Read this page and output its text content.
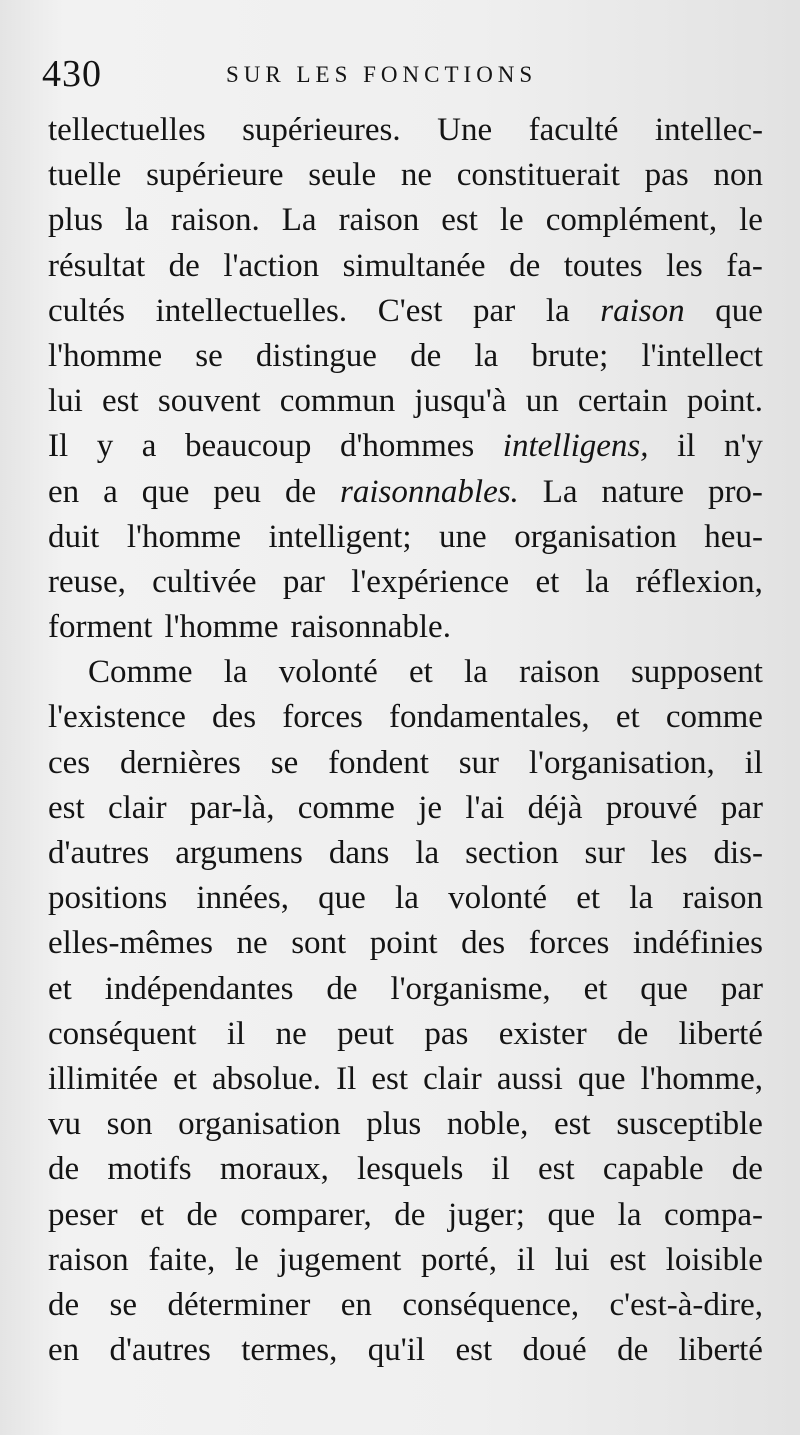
430	SUR LES FONCTIONS
tellectuelles supérieures. Une faculté intellec-
tuelle supérieure seule ne constituerait pas non
plus la raison. La raison est le complément, le
résultat de l'action simultanée de toutes les fa-
cultés intellectuelles. C'est par la raison que
l'homme se distingue de la brute; l'intellect
lui est souvent commun jusqu'à un certain point.
Il y a beaucoup d'hommes intelligens, il n'y
en a que peu de raisonnables. La nature pro-
duit l'homme intelligent; une organisation heu-
reuse, cultivée par l'expérience et la réflexion,
forment l'homme raisonnable.
Comme la volonté et la raison supposent
l'existence des forces fondamentales, et comme
ces dernières se fondent sur l'organisation, il
est clair par-là, comme je l'ai déjà prouvé par
d'autres argumens dans la section sur les dis-
positions innées, que la volonté et la raison
elles-mêmes ne sont point des forces indéfinies
et indépendantes de l'organisme, et que par
conséquent il ne peut pas exister de liberté
illimitée et absolue. Il est clair aussi que l'homme,
vu son organisation plus noble, est susceptible
de motifs moraux, lesquels il est capable de
peser et de comparer, de juger; que la compa-
raison faite, le jugement porté, il lui est loisible
de se déterminer en conséquence, c'est-à-dire,
en d'autres termes, qu'il est doué de liberté
